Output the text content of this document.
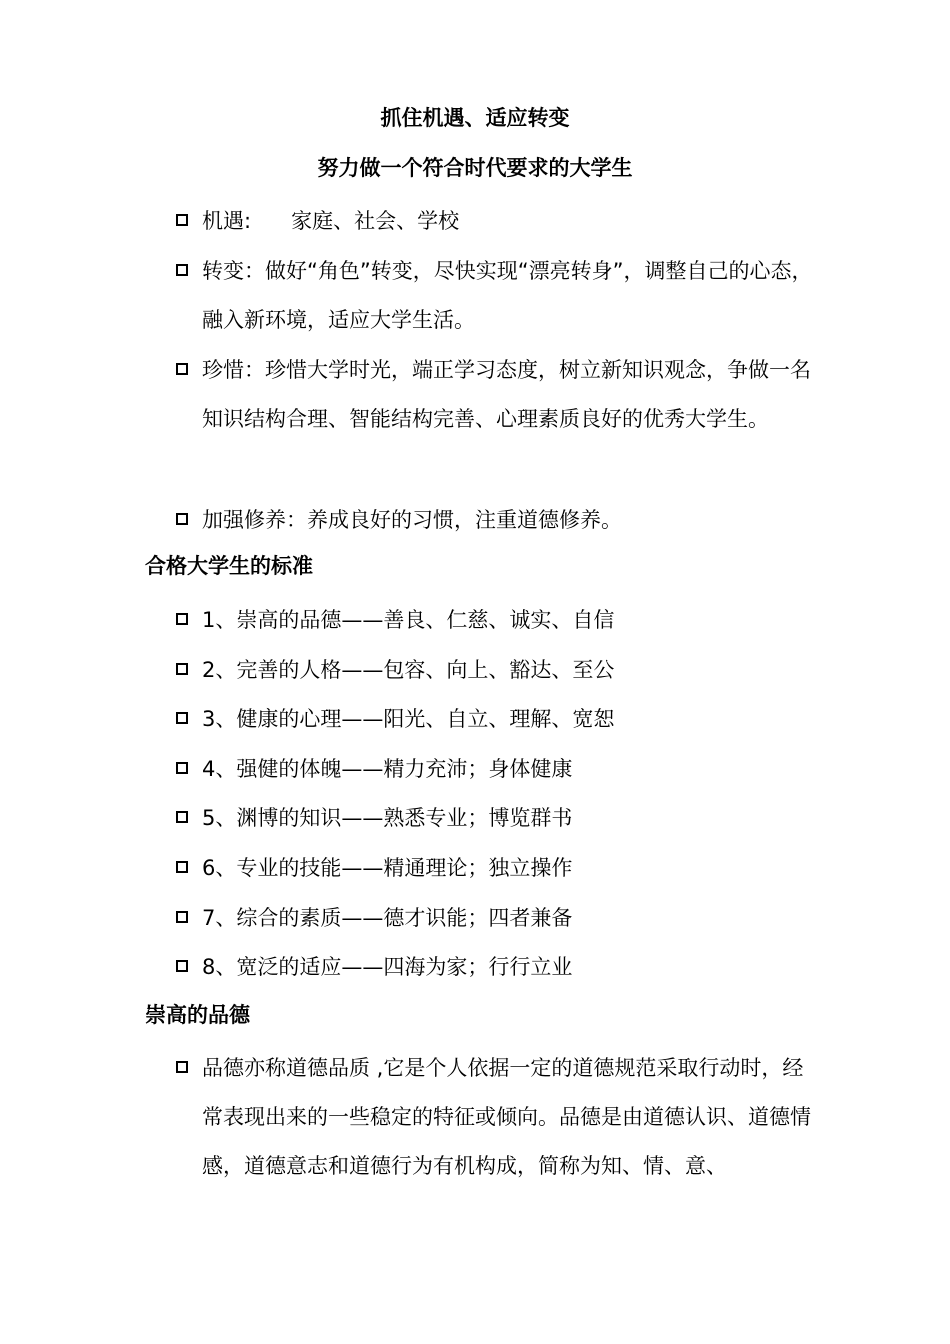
抓住机遇、适应转变
努力做一个符合时代要求的大学生
机遇:      家庭、社会、学校
转变：做好“角色”转变，尽快实现“漂亮转身”，调整自己的心态，融入新环境，适应大学生活。
珍惜：珍惜大学时光，端正学习态度，树立新知识观念，争做一名知识结构合理、智能结构完善、心理素质良好的优秀大学生。
加强修养：养成良好的习惯，注重道德修养。
合格大学生的标准
1、崇高的品德——善良、仁慈、诚实、自信
2、完善的人格——包容、向上、豁达、至公
3、健康的心理——阳光、自立、理解、宽恕
4、强健的体魄——精力充沛；身体健康
5、渊博的知识——熟悉专业；博览群书
6、专业的技能——精通理论；独立操作
7、综合的素质——德才识能；四者兼备
8、宽泛的适应——四海为家；行行立业
崇高的品德
品德亦称道德品质 ,它是个人依据一定的道德规范采取行动时，经常表现出来的一些稳定的特征或倾向。品德是由道德认识、道德情感，道德意志和道德行为有机构成，简称为知、情、意、
